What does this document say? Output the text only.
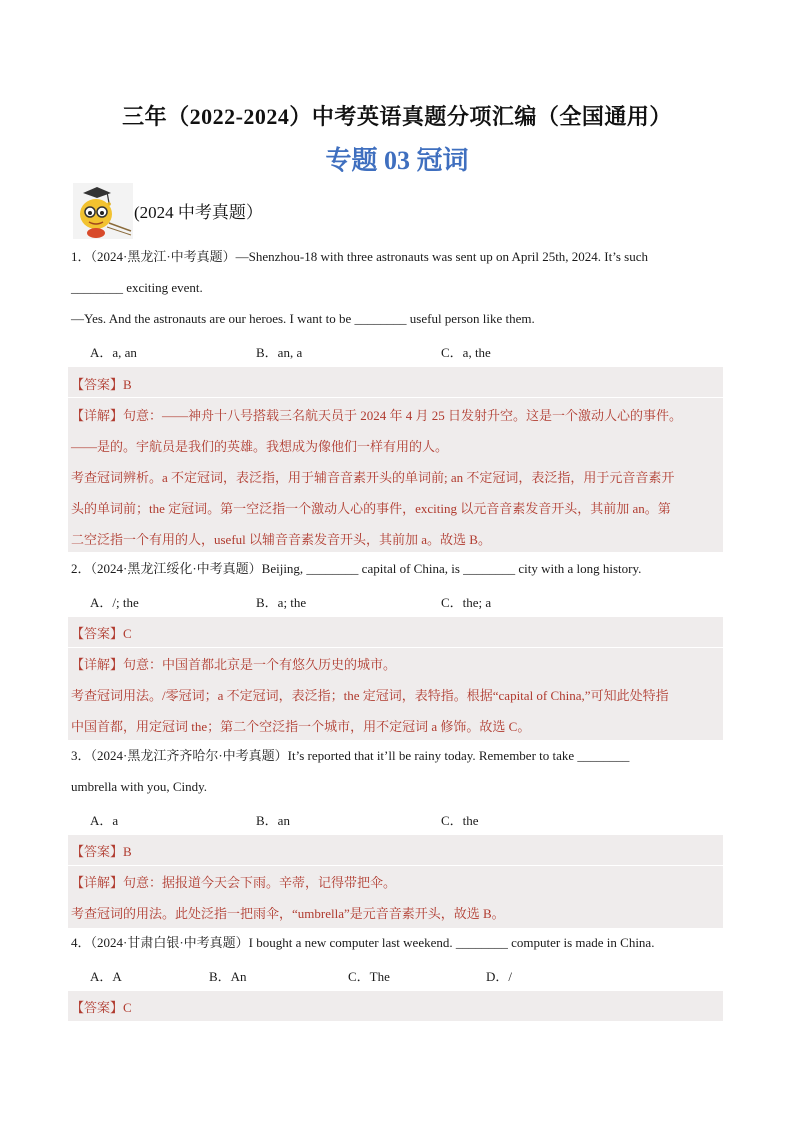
三年（2022-2024）中考英语真题分项汇编（全国通用）
专题 03 冠词
(2024 中考真题）
1．（2024·黑龙江·中考真题）—Shenzhou-18 with three astronauts was sent up on April 25th, 2024. It’s such
________ exciting event.
—Yes. And the astronauts are our heroes. I want to be ________ useful person like them.
A．a, an	B．an, a	C．a, the
【答案】B
【详解】句意：——神舟十八号搭载三名航天员于 2024 年 4 月 25 日发射升空。这是一个激动人心的事件。
——是的。宇航员是我们的英雄。我想成为像他们一样有用的人。
考查冠词辨析。a 不定冠词，表泛指，用于辅音音素开头的单词前; an 不定冠词，表泛指，用于元音音素开
头的单词前；the 定冠词。第一空泛指一个激动人心的事件，exciting 以元音音素发音开头，其前加 an。第
二空泛指一个有用的人，useful 以辅音音素发音开头，其前加 a。故选 B。
2．（2024·黑龙江绥化·中考真题）Beijing, ________ capital of China, is ________ city with a long history.
A．/; the	B．a; the	C．the; a
【答案】C
【详解】句意：中国首都北京是一个有悠久历史的城市。
考查冠词用法。/零冠词；a 不定冠词，表泛指；the 定冠词，表特指。根据“capital of China,”可知此处特指
中国首都，用定冠词 the；第二个空泛指一个城市，用不定冠词 a 修饰。故选 C。
3．（2024·黑龙江齐齐哈尔·中考真题）It’s reported that it’ll be rainy today. Remember to take ________
umbrella with you, Cindy.
A．a	B．an	C．the
【答案】B
【详解】句意：据报道今天会下雨。辛蒂，记得带把伞。
考查冠词的用法。此处泛指一把雨伞，“umbrella”是元音音素开头，故选 B。
4．（2024·甘肃白银·中考真题）I bought a new computer last weekend. ________ computer is made in China.
A．A	B．An	C．The	D．/
【答案】C
